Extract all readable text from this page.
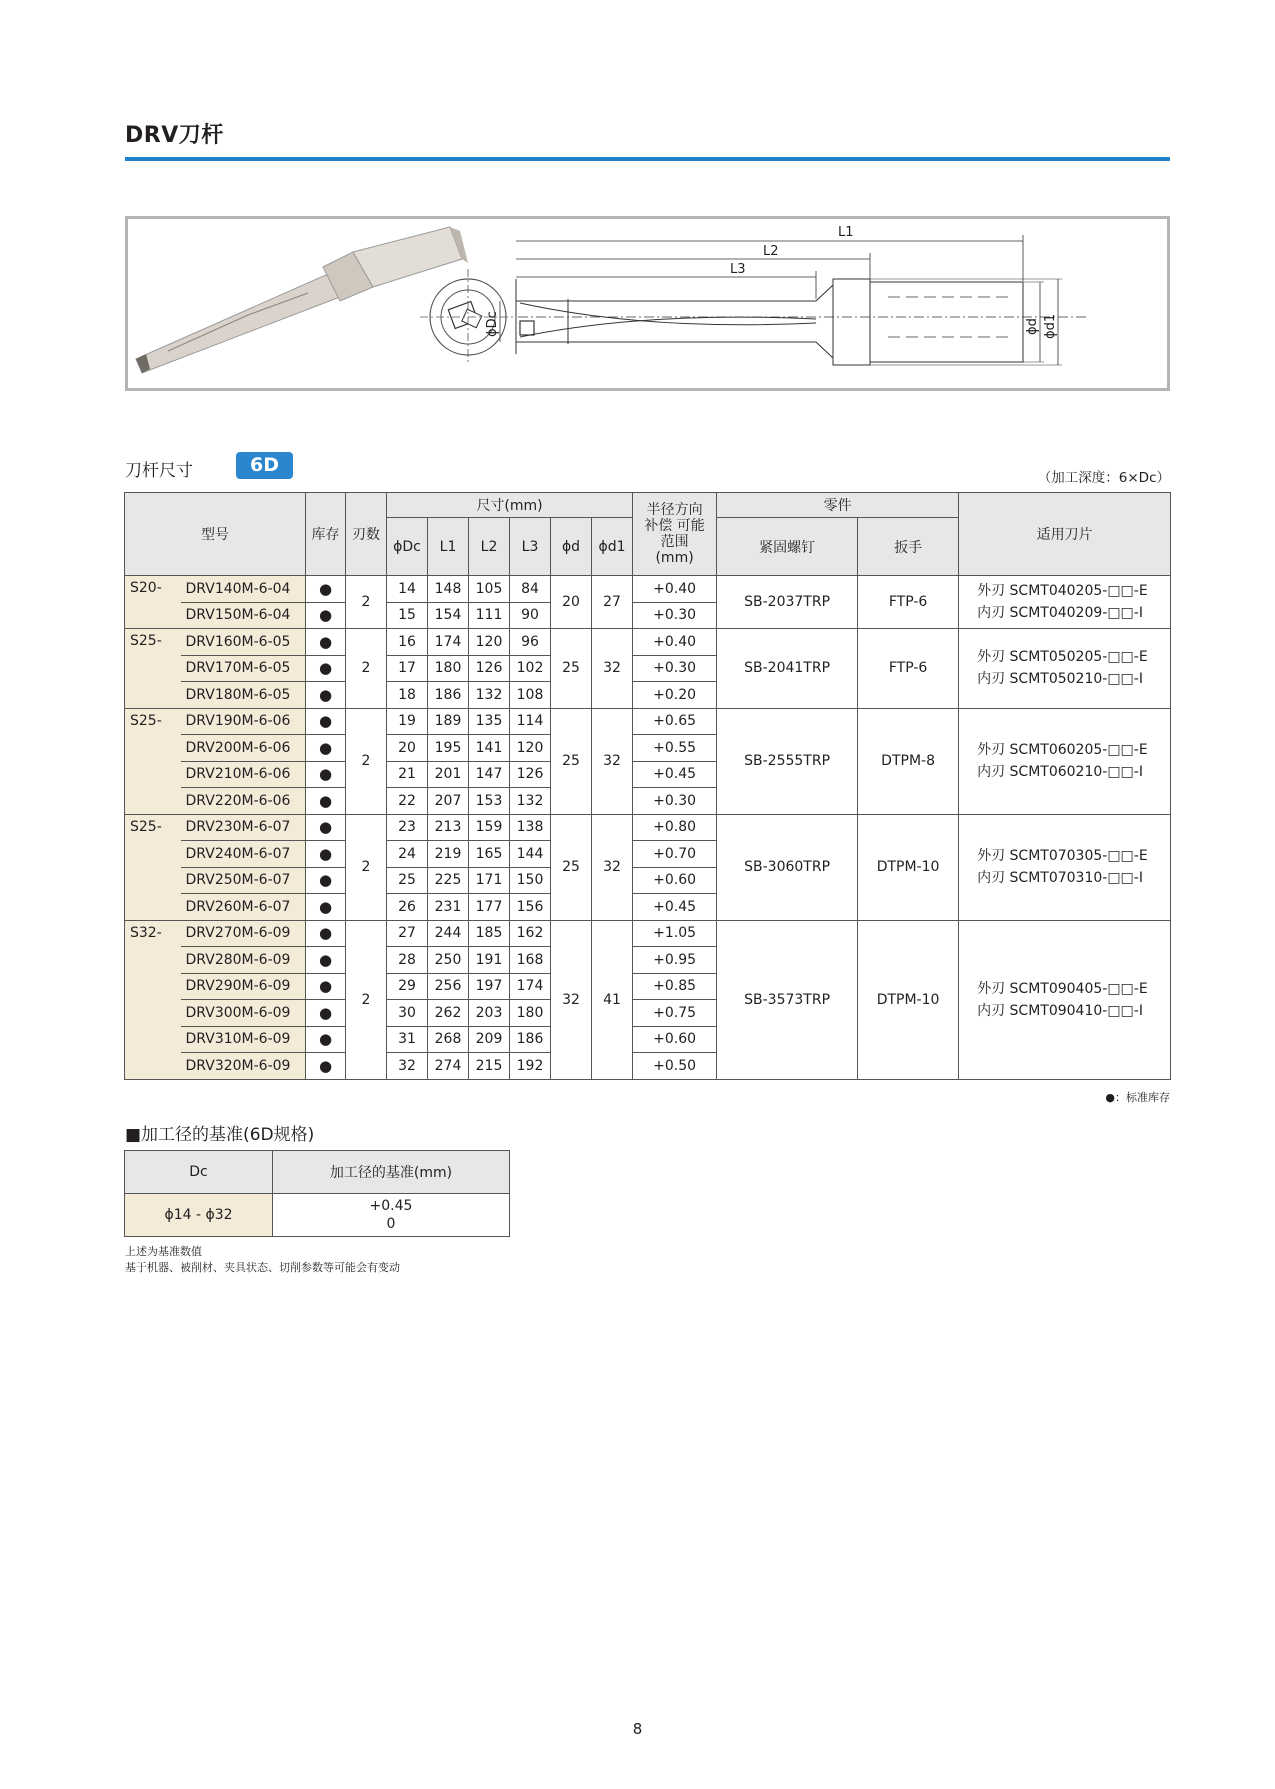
DRV刀杆
L1
L2
L3
ϕDc	ϕd ϕd1
刀杆尺寸	6D
（加工深度：6×Dc）
型号		库存	刃数	尺寸(mm)						半径方向 补偿 可能范围 (mm)	零件		适用刀片
				ϕDc	L1	L2	L3	ϕd	ϕd1		紧固螺钉	扳手	
S20-	DRV140M-6-04	●	2	14	148	105	84	20	27	+0.40	SB-2037TRP	FTP-6	外刃 SCMT040205-□□-E
内刃 SCMT040209-□□-I

	DRV150M-6-04	●		15	154	111	90			+0.30			
S25-	DRV160M-6-05	●	2	16	174	120	96	25	32	+0.40	SB-2041TRP	FTP-6	外刃 SCMT050205-□□-E
内刃 SCMT050210-□□-I

	DRV170M-6-05	●		17	180	126	102			+0.30			
	DRV180M-6-05	●		18	186	132	108			+0.20			
S25-	DRV190M-6-06	●	2	19	189	135	114	25	32	+0.65	SB-2555TRP	DTPM-8	外刃 SCMT060205-□□-E
内刃 SCMT060210-□□-I

	DRV200M-6-06	●		20	195	141	120			+0.55			
	DRV210M-6-06	●		21	201	147	126			+0.45			
	DRV220M-6-06	●		22	207	153	132			+0.30			
S25-	DRV230M-6-07	●	2	23	213	159	138	25	32	+0.80	SB-3060TRP	DTPM-10	外刃 SCMT070305-□□-E
内刃 SCMT070310-□□-I

	DRV240M-6-07	●		24	219	165	144			+0.70			
	DRV250M-6-07	●		25	225	171	150			+0.60			
	DRV260M-6-07	●		26	231	177	156			+0.45			
S32-	DRV270M-6-09	●	2	27	244	185	162	32	41	+1.05	SB-3573TRP	DTPM-10	外刃 SCMT090405-□□-E
内刃 SCMT090410-□□-I

	DRV280M-6-09	●		28	250	191	168			+0.95			
	DRV290M-6-09	●		29	256	197	174			+0.85			
	DRV300M-6-09	●		30	262	203	180			+0.75			
	DRV310M-6-09	●		31	268	209	186			+0.60			
	DRV320M-6-09	●		32	274	215	192			+0.50			
●：标准库存
■加工径的基准(6D规格)
Dc	加工径的基准(mm)
ϕ14 - ϕ32	+0.45
0
上述为基准数值
基于机器、被削材、夹具状态、切削参数等可能会有变动
8
